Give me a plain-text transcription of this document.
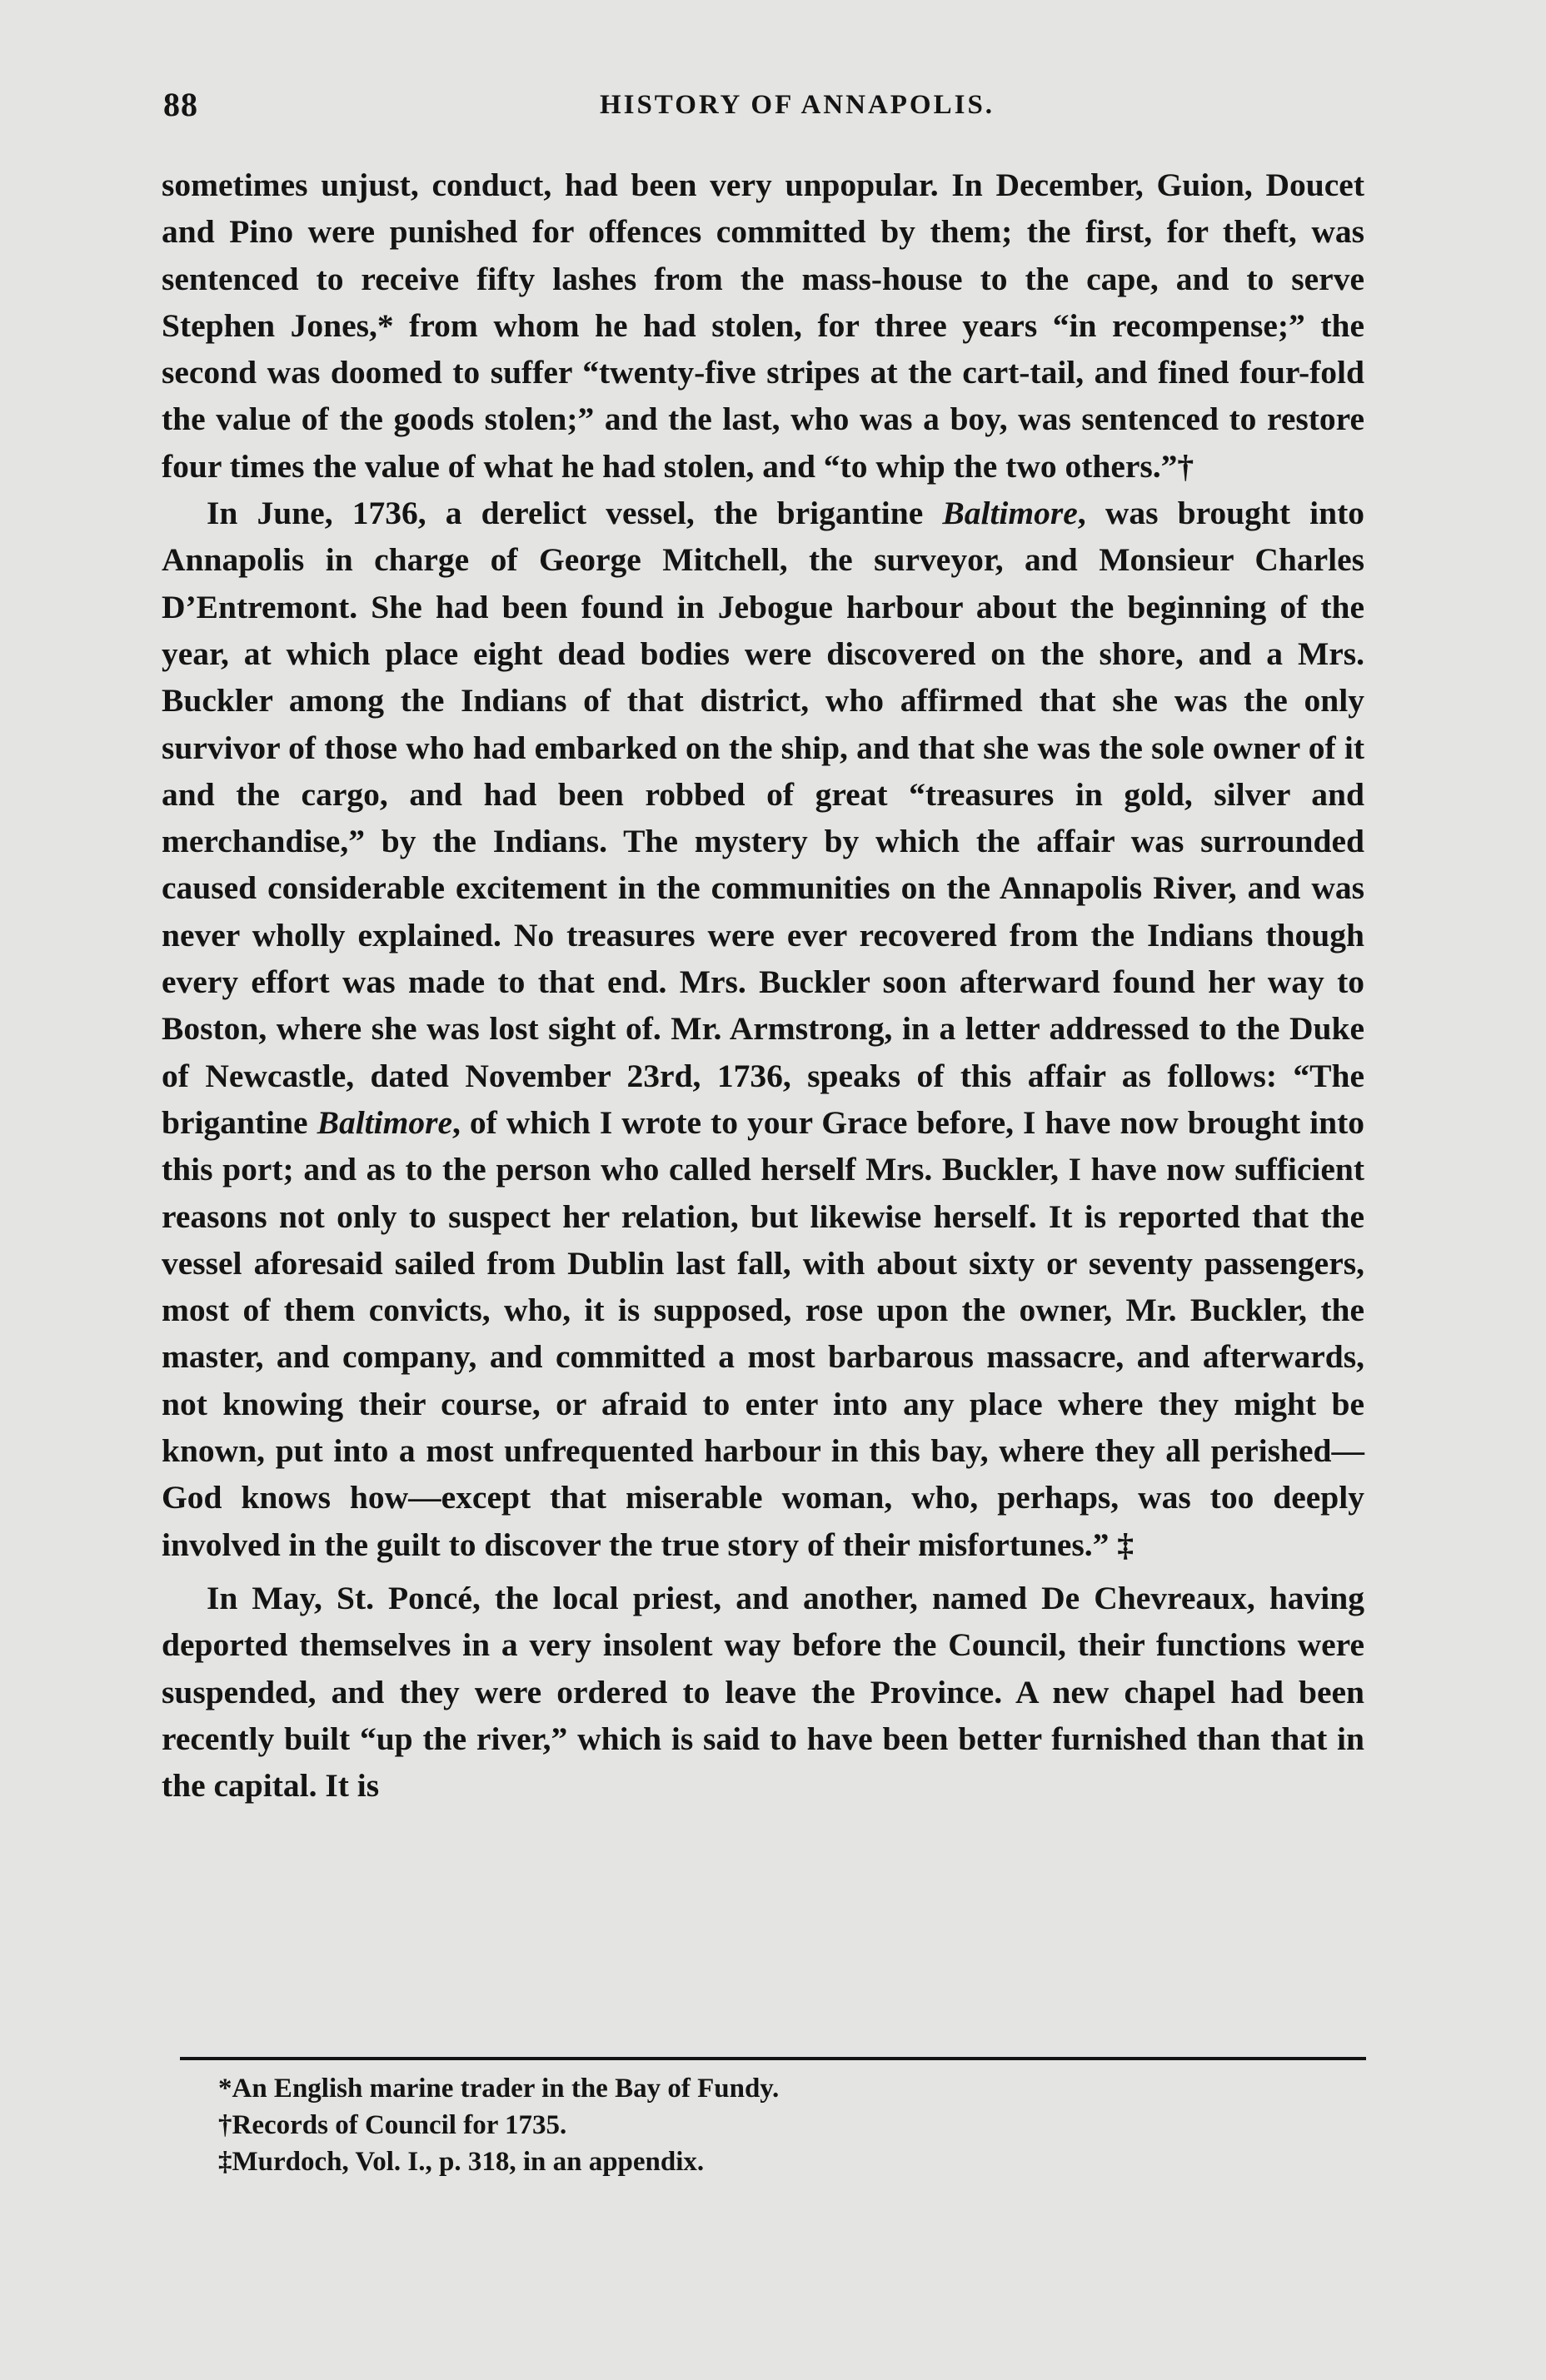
88	HISTORY OF ANNAPOLIS.

sometimes unjust, conduct, had been very unpopular. In December, Guion, Doucet and Pino were punished for offences committed by them; the first, for theft, was sentenced to receive fifty lashes from the mass-house to the cape, and to serve Stephen Jones,* from whom he had stolen, for three years “in recompense;” the second was doomed to suffer “twenty-five stripes at the cart-tail, and fined four-fold the value of the goods stolen;” and the last, who was a boy, was sentenced to restore four times the value of what he had stolen, and “to whip the two others.”†

In June, 1736, a derelict vessel, the brigantine Baltimore, was brought into Annapolis in charge of George Mitchell, the surveyor, and Monsieur Charles D’Entremont. She had been found in Jebogue harbour about the beginning of the year, at which place eight dead bodies were discovered on the shore, and a Mrs. Buckler among the Indians of that district, who affirmed that she was the only survivor of those who had embarked on the ship, and that she was the sole owner of it and the cargo, and had been robbed of great “treasures in gold, silver and merchandise,” by the Indians. The mystery by which the affair was surrounded caused considerable excitement in the communities on the Annapolis River, and was never wholly explained. No treasures were ever recovered from the Indians though every effort was made to that end. Mrs. Buckler soon afterward found her way to Boston, where she was lost sight of. Mr. Armstrong, in a letter addressed to the Duke of Newcastle, dated November 23rd, 1736, speaks of this affair as follows: “The brigantine Baltimore, of which I wrote to your Grace before, I have now brought into this port; and as to the person who called herself Mrs. Buckler, I have now sufficient reasons not only to suspect her relation, but likewise herself. It is reported that the vessel aforesaid sailed from Dublin last fall, with about sixty or seventy passengers, most of them convicts, who, it is supposed, rose upon the owner, Mr. Buckler, the master, and company, and committed a most barbarous massacre, and afterwards, not knowing their course, or afraid to enter into any place where they might be known, put into a most unfrequented harbour in this bay, where they all perished—God knows how—except that miserable woman, who, perhaps, was too deeply involved in the guilt to discover the true story of their misfortunes.” ‡

In May, St. Poncé, the local priest, and another, named De Chevreaux, having deported themselves in a very insolent way before the Council, their functions were suspended, and they were ordered to leave the Province. A new chapel had been recently built “up the river,” which is said to have been better furnished than that in the capital. It is

*An English marine trader in the Bay of Fundy.
†Records of Council for 1735.
‡Murdoch, Vol. I., p. 318, in an appendix.
